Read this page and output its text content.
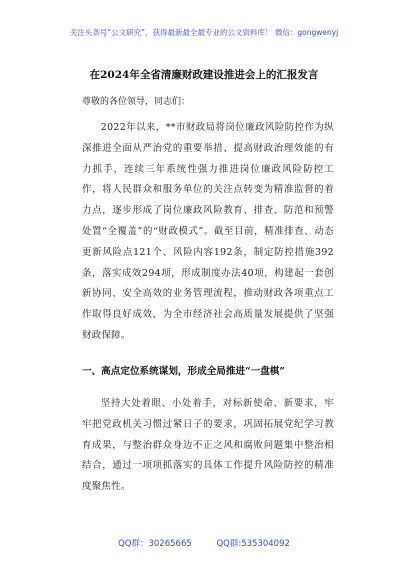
关注头条号“公文研究”，获得最新最全最专业的公文资料库！ 微信：gongwenyj
在2024年全省清廉财政建设推进会上的汇报发言
尊敬的各位领导，同志们：

2022年以来，**市财政局将岗位廉政风险防控作为纵深推进全面从严治党的重要举措、提高财政治理效能的有力抓手，连续三年系统性强力推进岗位廉政风险防控工作，将人民群众和服务单位的关注点转变为精准监督的着力点，逐步形成了岗位廉政风险教育、排查、防范和预警处置“全覆盖”的“财政模式”。截至目前，精准排查、动态更新风险点121个、风险内容192条，制定防控措施392条，落实成效294项，形成制度办法40项，构建起一套创新协同、安全高效的业务管理流程，推动财政各项重点工作取得良好成效，为全市经济社会高质量发展提供了坚强财政保障。

一、高点定位系统谋划，形成全局推进“一盘棋”

坚持大处着眼、小处着手，对标新使命、新要求，牢牢把党政机关习惯过紧日子的要求，巩固拓展党纪学习教育成果，与整治群众身边不正之风和腐败问题集中整治相结合，通过一项项抓落实的具体工作提升风险防控的精准度聚焦性。

QQ群：30265665	QQ群:535304092
